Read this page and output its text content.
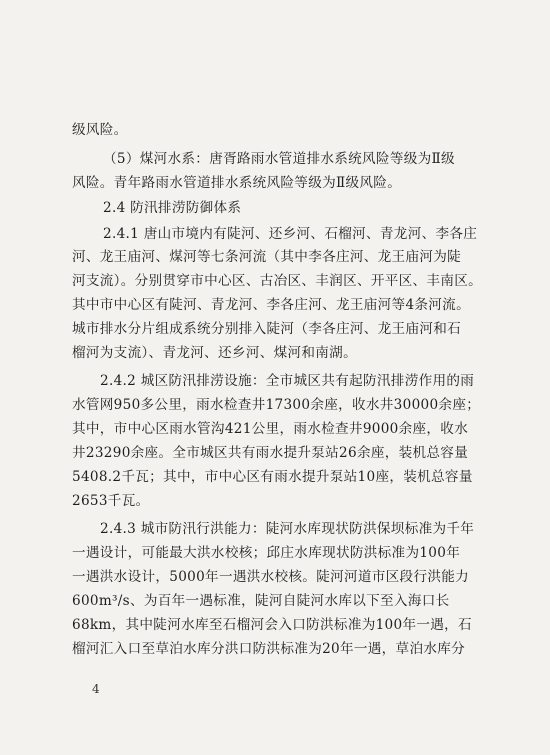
级风险。
（5）煤河水系：唐胥路雨水管道排水系统风险等级为Ⅱ级
风险。青年路雨水管道排水系统风险等级为Ⅱ级风险。
2.4 防汛排涝防御体系
2.4.1 唐山市境内有陡河、还乡河、石榴河、青龙河、李各庄
河、龙王庙河、煤河等七条河流（其中李各庄河、龙王庙河为陡
河支流）。分别贯穿市中心区、古冶区、丰润区、开平区、丰南区。
其中市中心区有陡河、青龙河、李各庄河、龙王庙河等4条河流。
城市排水分片组成系统分别排入陡河（李各庄河、龙王庙河和石
榴河为支流）、青龙河、还乡河、煤河和南湖。
2.4.2 城区防汛排涝设施：全市城区共有起防汛排涝作用的雨
水管网950多公里，雨水检查井17300余座，收水井30000余座；
其中，市中心区雨水管沟421公里，雨水检查井9000余座，收水
井23290余座。全市城区共有雨水提升泵站26余座，装机总容量
5408.2千瓦；其中，市中心区有雨水提升泵站10座，装机总容量
2653千瓦。
2.4.3 城市防汛行洪能力：陡河水库现状防洪保坝标准为千年
一遇设计，可能最大洪水校核；邱庄水库现状防洪标准为100年
一遇洪水设计，5000年一遇洪水校核。陡河河道市区段行洪能力
600m³/s、为百年一遇标准，陡河自陡河水库以下至入海口长
68km，其中陡河水库至石榴河会入口防洪标准为100年一遇，石
榴河汇入口至草泊水库分洪口防洪标准为20年一遇，草泊水库分
4
